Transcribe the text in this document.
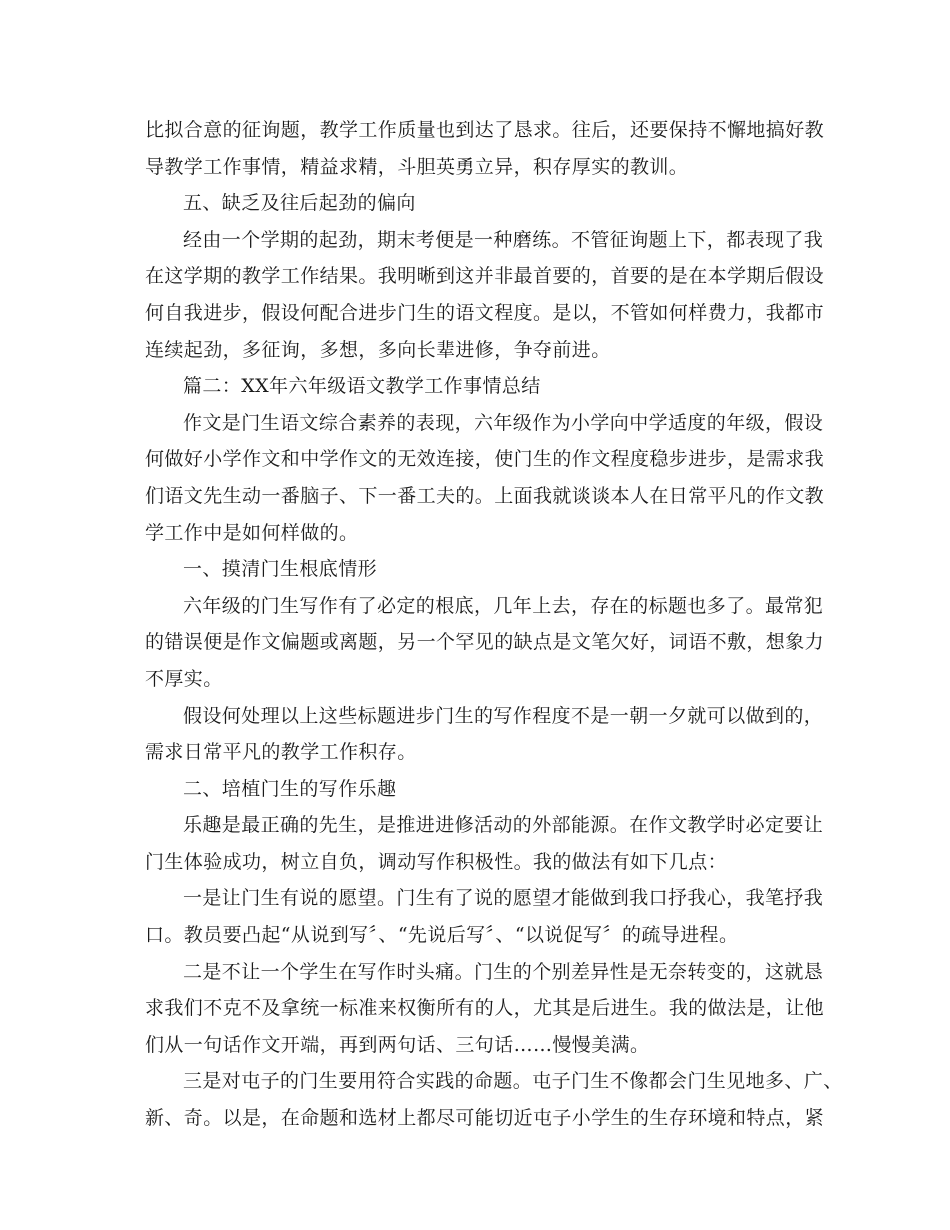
比拟合意的征询题，教学工作质量也到达了恳求。往后，还要保持不懈地搞好教
导教学工作事情，精益求精，斗胆英勇立异，积存厚实的教训。
五、缺乏及往后起劲的偏向
经由一个学期的起劲，期末考便是一种磨练。不管征询题上下，都表现了我
在这学期的教学工作结果。我明晰到这并非最首要的，首要的是在本学期后假设
何自我进步，假设何配合进步门生的语文程度。是以，不管如何样费力，我都市
连续起劲，多征询，多想，多向长辈进修，争夺前进。
篇二：XX年六年级语文教学工作事情总结
作文是门生语文综合素养的表现，六年级作为小学向中学适度的年级，假设
何做好小学作文和中学作文的无效连接，使门生的作文程度稳步进步，是需求我
们语文先生动一番脑子、下一番工夫的。上面我就谈谈本人在日常平凡的作文教
学工作中是如何样做的。
一、摸清门生根底情形
六年级的门生写作有了必定的根底，几年上去，存在的标题也多了。最常犯
的错误便是作文偏题或离题，另一个罕见的缺点是文笔欠好，词语不敷，想象力
不厚实。
假设何处理以上这些标题进步门生的写作程度不是一朝一夕就可以做到的，
需求日常平凡的教学工作积存。
二、培植门生的写作乐趣
乐趣是最正确的先生，是推进进修活动的外部能源。在作文教学时必定要让
门生体验成功，树立自负，调动写作积极性。我的做法有如下几点：
一是让门生有说的愿望。门生有了说的愿望才能做到我口抒我心，我笔抒我
口。教员要凸起“从说到写〞、“先说后写〞、“以说促写〞的疏导进程。
二是不让一个学生在写作时头痛。门生的个别差异性是无奈转变的，这就恳
求我们不克不及拿统一标准来权衡所有的人，尤其是后进生。我的做法是，让他
们从一句话作文开端，再到两句话、三句话……慢慢美满。
三是对屯子的门生要用符合实践的命题。屯子门生不像都会门生见地多、广、
新、奇。以是，在命题和选材上都尽可能切近屯子小学生的生存环境和特点，紧
